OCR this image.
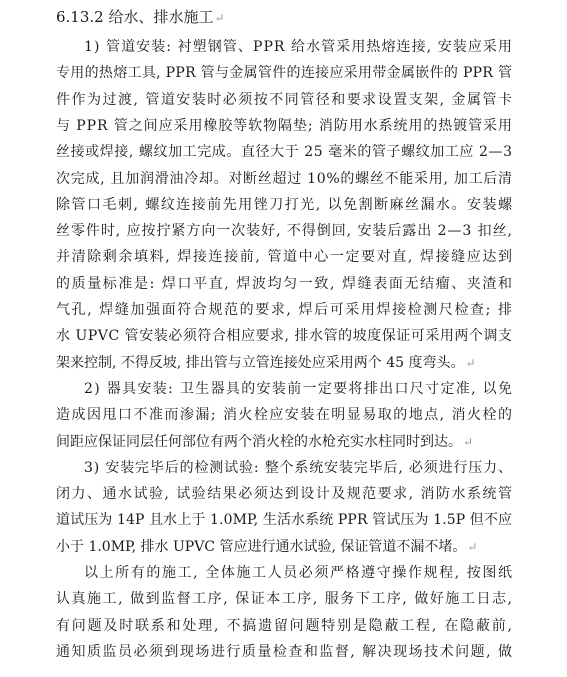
6.13.2 给水、排水施工↵
1) 管道安装: 衬塑钢管、PPR 给水管采用热熔连接, 安装应采用
专用的热熔工具, PPR 管与金属管件的连接应采用带金属嵌件的 PPR 管
件作为过渡, 管道安装时必须按不同管径和要求设置支架, 金属管卡
与 PPR 管之间应采用橡胶等软物隔垫; 消防用水系统用的热镀管采用
丝接或焊接, 螺纹加工完成。直径大于 25 毫米的管子螺纹加工应 2—3
次完成, 且加润滑油冷却。对断丝超过 10%的螺丝不能采用, 加工后清
除管口毛刺, 螺纹连接前先用锉刀打光, 以免割断麻丝漏水。安装螺
丝零件时, 应按拧紧方向一次装好, 不得倒回, 安装后露出 2—3 扣丝,
并清除剩余填料, 焊接连接前, 管道中心一定要对直, 焊接缝应达到
的质量标准是: 焊口平直, 焊波均匀一致, 焊缝表面无结瘤、夹渣和
气孔, 焊缝加强面符合规范的要求, 焊后可采用焊接检测尺检查; 排
水 UPVC 管安装必须符合相应要求, 排水管的坡度保证可采用两个调支
架来控制, 不得反坡, 排出管与立管连接处应采用两个 45 度弯头。↵
2) 器具安装: 卫生器具的安装前一定要将排出口尺寸定准, 以免
造成因甩口不准而渗漏; 消火栓应安装在明显易取的地点, 消火栓的
间距应保证同层任何部位有两个消火栓的水枪充实水柱同时到达。↵
3) 安装完毕后的检测试验: 整个系统安装完毕后, 必须进行压力、
闭力、通水试验, 试验结果必须达到设计及规范要求, 消防水系统管
道试压为 14P 且水上于 1.0MP, 生活水系统 PPR 管试压为 1.5P 但不应
小于 1.0MP, 排水 UPVC 管应进行通水试验, 保证管道不漏不堵。↵
以上所有的施工, 全体施工人员必须严格遵守操作规程, 按图纸
认真施工, 做到监督工序, 保证本工序, 服务下工序, 做好施工日志,
有问题及时联系和处理, 不搞遗留问题特别是隐蔽工程, 在隐蔽前,
通知质监员必须到现场进行质量检查和监督, 解决现场技术问题, 做
